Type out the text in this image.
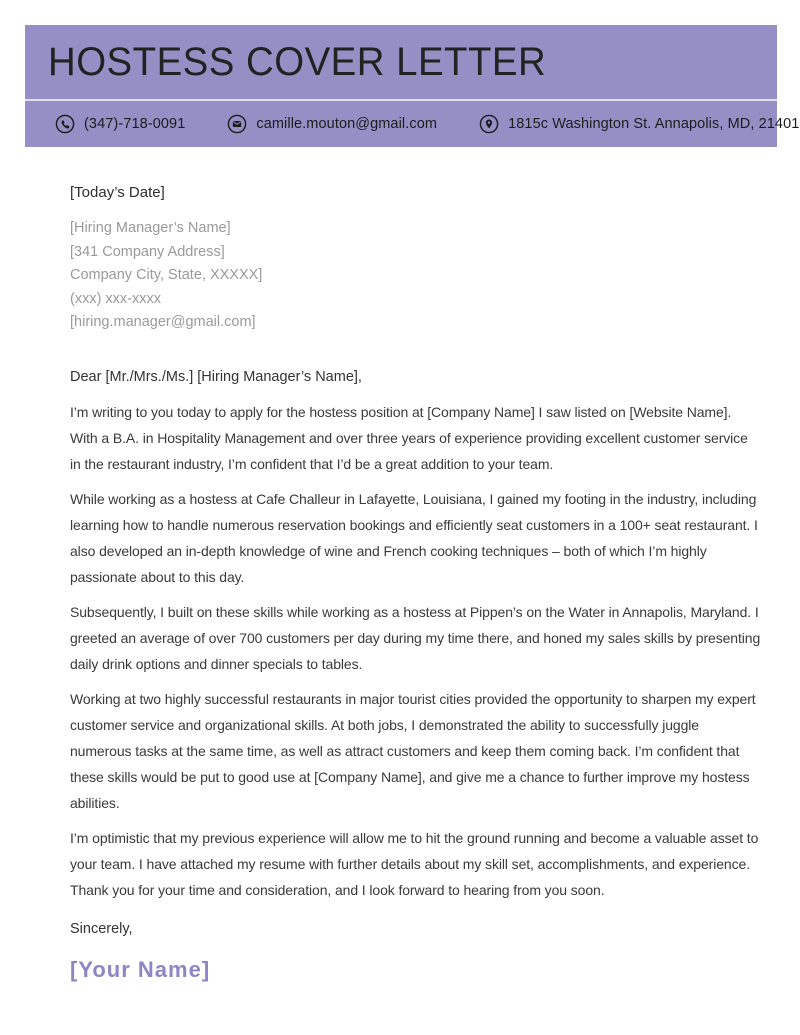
HOSTESS COVER LETTER
(347)-718-0091	camille.mouton@gmail.com	1815c Washington St. Annapolis, MD, 21401
[Today’s Date]
[Hiring Manager’s Name]
[341 Company Address]
Company City, State, XXXXX]
(xxx) xxx-xxxx
[hiring.manager@gmail.com]
Dear [Mr./Mrs./Ms.] [Hiring Manager’s Name],

I’m writing to you today to apply for the hostess position at [Company Name] I saw listed on [Website Name]. With a B.A. in Hospitality Management and over three years of experience providing excellent customer service in the restaurant industry, I’m confident that I’d be a great addition to your team.

While working as a hostess at Cafe Challeur in Lafayette, Louisiana, I gained my footing in the industry, including learning how to handle numerous reservation bookings and efficiently seat customers in a 100+ seat restaurant. I also developed an in-depth knowledge of wine and French cooking techniques – both of which I’m highly passionate about to this day.

Subsequently, I built on these skills while working as a hostess at Pippen’s on the Water in Annapolis, Maryland. I greeted an average of over 700 customers per day during my time there, and honed my sales skills by presenting daily drink options and dinner specials to tables.

Working at two highly successful restaurants in major tourist cities provided the opportunity to sharpen my expert customer service and organizational skills. At both jobs, I demonstrated the ability to successfully juggle numerous tasks at the same time, as well as attract customers and keep them coming back. I’m confident that these skills would be put to good use at [Company Name], and give me a chance to further improve my hostess abilities.

I’m optimistic that my previous experience will allow me to hit the ground running and become a valuable asset to your team. I have attached my resume with further details about my skill set, accomplishments, and experience. Thank you for your time and consideration, and I look forward to hearing from you soon.

Sincerely,
[Your Name]
